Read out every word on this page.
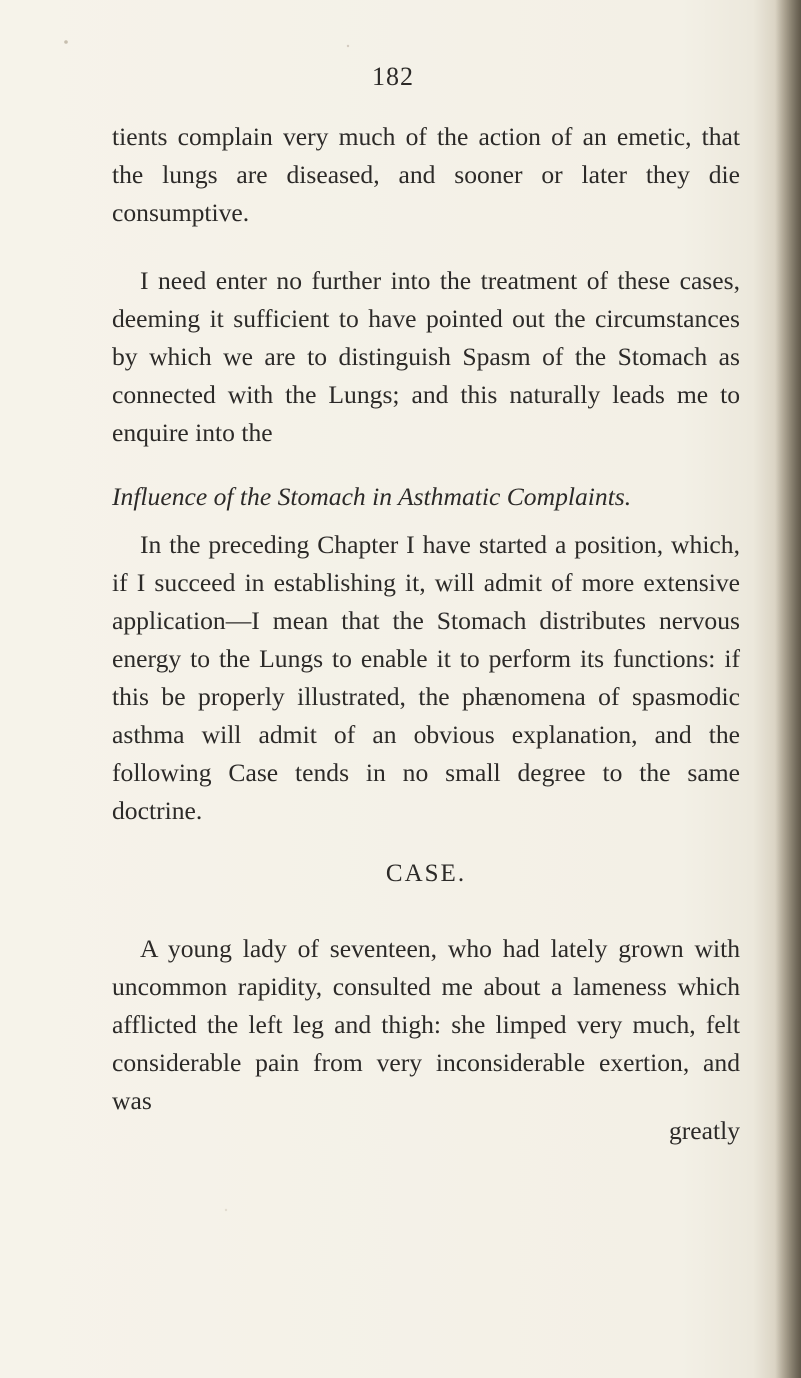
182
tients complain very much of the action of an emetic, that the lungs are diseased, and sooner or later they die consumptive.
I need enter no further into the treatment of these cases, deeming it sufficient to have pointed out the circumstances by which we are to distinguish Spasm of the Stomach as connected with the Lungs; and this naturally leads me to enquire into the
Influence of the Stomach in Asthmatic Complaints.
In the preceding Chapter I have started a position, which, if I succeed in establishing it, will admit of more extensive application—I mean that the Stomach distributes nervous energy to the Lungs to enable it to perform its functions: if this be properly illustrated, the phænomena of spasmodic asthma will admit of an obvious explanation, and the following Case tends in no small degree to the same doctrine.
CASE.
A young lady of seventeen, who had lately grown with uncommon rapidity, consulted me about a lameness which afflicted the left leg and thigh: she limped very much, felt considerable pain from very inconsiderable exertion, and was
greatly
